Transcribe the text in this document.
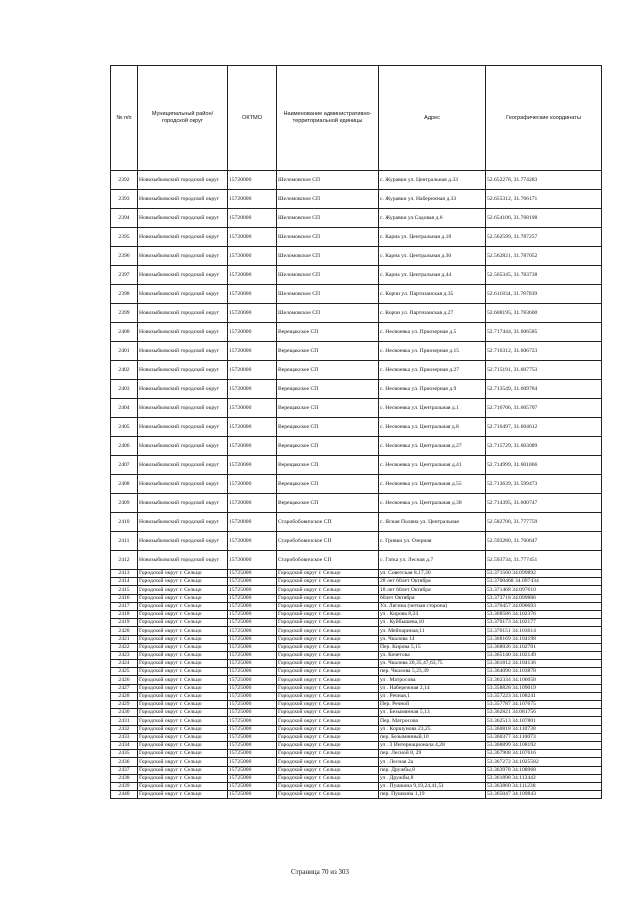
№ п/п	Муниципальный район/городской округ	ОКТМО	Наименование административно-территориальной единицы	Адрес	Географические координаты
2392	Новозыбковский городской округ	15720000	Шеломовское СП	с. Журавки ул. Центральная д.33	52.652278, 31.774283
2393	Новозыбковский городской округ	15720000	Шеломовское СП	с. Журавки ул. Набережная д.33	52.655312, 31.766171
2394	Новозыбковский городской округ	15720000	Шеломовское СП	с. Журавки ул.Садовая д.6	52.654106, 31.768198
2395	Новозыбковский городской округ	15720000	Шеломовское СП	с. Карна ул. Центральная д.18	52.562599, 31.787257
2396	Новозыбковский городской округ	15720000	Шеломовское СП	с. Карна ул. Центральная д.30	52.562821, 31.787052
2397	Новозыбковский городской округ	15720000	Шеломовское СП	с. Карна ул. Центральная д.44	52.565345, 31.783738
2398	Новозыбковский городской округ	15720000	Шеломовское СП	с. Корчи ул. Партизанская д.35	52.611834, 31.787039
2399	Новозыбковский городской округ	15720000	Шеломовское СП	с. Корчи ул. Партизанская д.27	52.608195, 31.783600
2400	Новозыбковский городской округ	15720000	Верещакское СП	с. Несвоевка ул. Приозерная д.5	52.717444, 31.606585
2401	Новозыбковский городской округ	15720000	Верещакское СП	с. Несвоевка ул. Приозерная д.15	52.716312, 31.606723
2402	Новозыбковский городской округ	15720000	Верещакское СП	с. Несвоевка ул. Приозерная д.27	52.715191, 31.607753
2403	Новозыбковский городской округ	15720000	Верещакское СП	с. Несвоевка ул. Приозерная д.9	52.713549, 31.609784
2404	Новозыбковский городской округ	15720000	Верещакское СП	с. Несвоевка ул. Центральная д.1	52.716706, 31.605707
2405	Новозыбковский городской округ	15720000	Верещакское СП	с. Несвоевка ул. Центральная д.8	52.716497, 31.604612
2406	Новозыбковский городской округ	15720000	Верещакское СП	с. Несвоевка ул. Центральная д.27	52.715729, 31.603089
2407	Новозыбковский городской округ	15720000	Верещакское СП	с. Несвоевка ул. Центральная д.41	52.714999, 31.601866
2408	Новозыбковский городской округ	15720000	Верещакское СП	с. Несвоевка ул. Центральная д.55	52.713639, 31.599473
2409	Новозыбковский городской округ	15720000	Верещакское СП	с. Несвоевка ул. Центральная д.38	52.714395, 31.600747
2410	Новозыбковский городской округ	15720000	Старобобовичское СП	с. Ясная Поляна ул. Центральная	52.582700, 31.777759
2411	Новозыбковский городской округ	15720000	Старобобовичское СП	с. Гривки ул. Озерная	52.593280, 31.760647
2412	Новозыбковский городской округ	15720000	Старобобовичское СП	с. Гатка ул. Лесная д.7	52.593734, 31.777451
2413	Городской округ г. Сельцо	15725000	Городской округ г. Сельцо	ул. Советская 8,17,30	53.371560 34.099892
2414	Городской округ г. Сельцо	15725000	Городской округ г. Сельцо	28 лет 60лет Октября	53.3700468 34.097434
2415	Городской округ г. Сельцо	15725000	Городской округ г. Сельцо	18 лет 60лет Октября	53.371468 34.097610
2416	Городской округ г. Сельцо	15725000	Городской округ г. Сельцо	60лет Октября	53.373718 34.099886
2417	Городской округ г. Сельцо	15725000	Городской округ г. Сельцо	Ул. Лягина (четная сторона)	53.370457 34.090693
2418	Городской округ г. Сельцо	15725000	Городской округ г. Сельцо	ул . Кирова 8,24	53.368586 34.102376
2419	Городской округ г. Сельцо	15725000	Городской округ г. Сельцо	ул . Куйбышева,10	53.370173 34.102177
2420	Городской округ г. Сельцо	15725000	Городской округ г. Сельцо	ул. Мейпариная,11	53.370151 34.103614
2421	Городской округ г. Сельцо	15725000	Городской округ г. Сельцо	ул. Чкалова 14	53.368169 34.104198
2422	Городской округ г. Сельцо	15725000	Городской округ г. Сельцо	Пер. Кирова 5,15	53.368036 34.102701
2423	Городской округ г. Сельцо	15725000	Городской округ г. Сельцо	ул. Кочетова	53.365140 34.102149
2424	Городской округ г. Сельцо	15725000	Городской округ г. Сельцо	ул. Чкалова 20,35,47,63,75	53.361812 34.104136
2425	Городской округ г. Сельцо	15725000	Городской округ г. Сельцо	пер. Чкалова 5,23,39	53.364090 34.103878
2426	Городской округ г. Сельцо	15725000	Городской округ г. Сельцо	ул . Матросова	53.362334 34.106058
2427	Городской округ г. Сельцо	15725000	Городской округ г. Сельцо	ул . Набережная 2,14	53.358828 34.109019
2428	Городской округ г. Сельцо	15725000	Городской округ г. Сельцо	ул . Речная,1	53.357223 34.108241
2429	Городской округ г. Сельцо	15725000	Городской округ г. Сельцо	Пер. Речной	53.357787 34.107675
2430	Городской округ г. Сельцо	15725000	Городской округ г. Сельцо	ул . Безымянная 5,13	53.362821 34.081756
2431	Городской округ г. Сельцо	15725000	Городской округ г. Сельцо	Пер. Матросова	53.362513 34.107801
2432	Городской округ г. Сельцо	15725000	Городской округ г. Сельцо	ул . Коршунова 23,25	53.360818 34.110738
2433	Городской округ г. Сельцо	15725000	Городской округ г. Сельцо	пер. Безымянный,10	53.360377 34.110073
2434	Городской округ г. Сельцо	15725000	Городской округ г. Сельцо	ул . 3 Интернационала 4,28	53.368899 34.108192
2435	Городской округ г. Сельцо	15725000	Городской округ г. Сельцо	пер. Лесной 8, 29	53.367908 34.107616
2436	Городской округ г. Сельцо	15725000	Городской округ г. Сельцо	ул . Лесная 2а	53.367272 34.1025582
2437	Городской округ г. Сельцо	15725000	Городской округ г. Сельцо	пер. Дружбы,8	53.363978 34.108968
2438	Городской округ г. Сельцо	15725000	Городской округ г. Сельцо	ул . Дружбы,8	53.361898 34.113442
2439	Городской округ г. Сельцо	15725000	Городской округ г. Сельцо	ул . Пушкина 9,19,24,41,51	53.363860 34.111238
2440	Городской округ г. Сельцо	15725000	Городской округ г. Сельцо	пер. Пушкина 1,19	53.365047 34.109843
Страница 70 из 303
